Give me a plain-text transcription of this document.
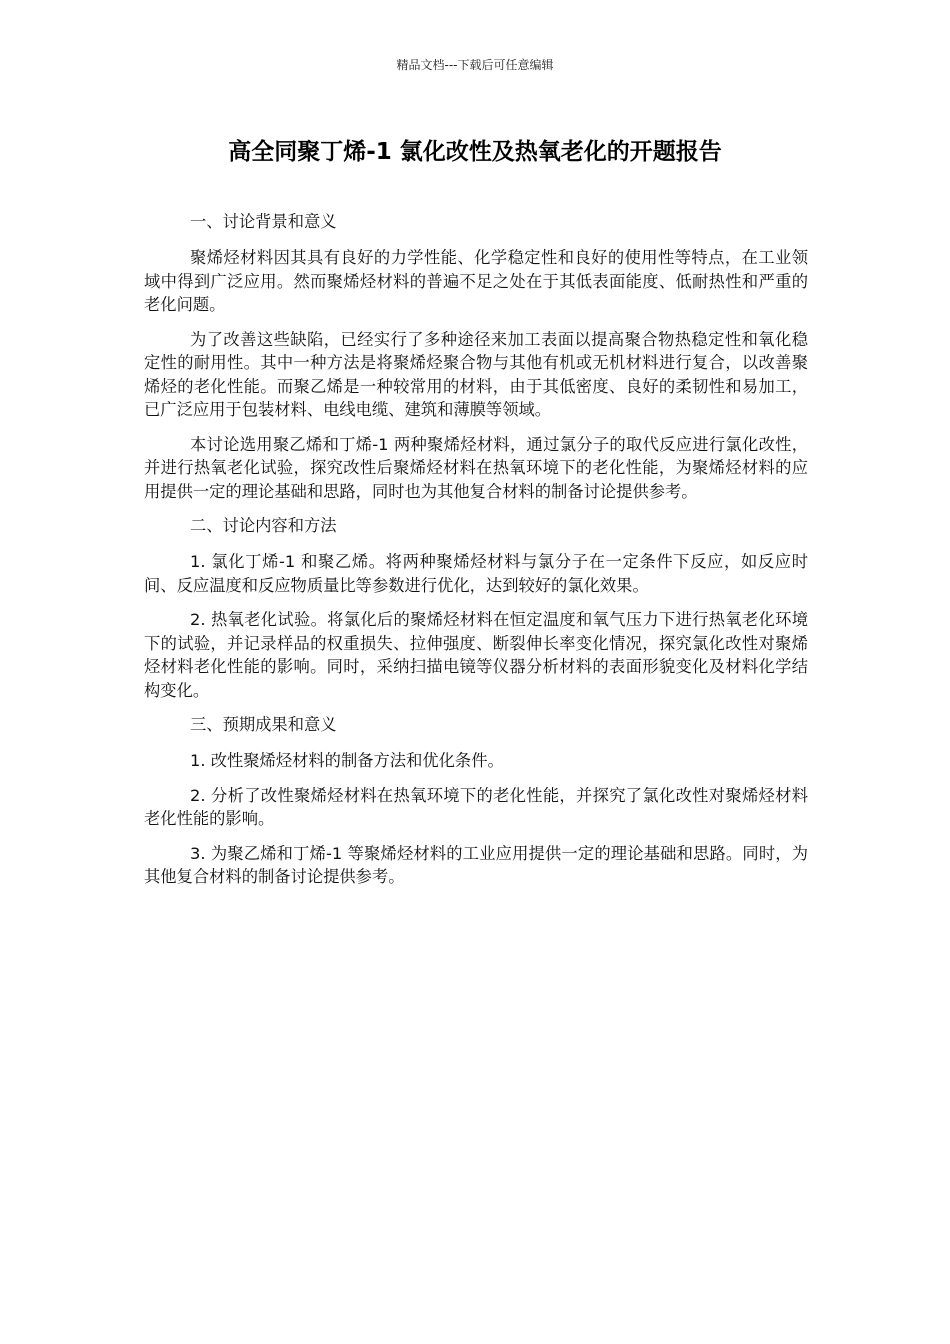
精品文档---下载后可任意编辑
高全同聚丁烯-1 氯化改性及热氧老化的开题报告

一、讨论背景和意义

聚烯烃材料因其具有良好的力学性能、化学稳定性和良好的使用性等特点，在工业领域中得到广泛应用。然而聚烯烃材料的普遍不足之处在于其低表面能度、低耐热性和严重的老化问题。

为了改善这些缺陷，已经实行了多种途径来加工表面以提高聚合物热稳定性和氧化稳定性的耐用性。其中一种方法是将聚烯烃聚合物与其他有机或无机材料进行复合，以改善聚烯烃的老化性能。而聚乙烯是一种较常用的材料，由于其低密度、良好的柔韧性和易加工，已广泛应用于包装材料、电线电缆、建筑和薄膜等领域。

本讨论选用聚乙烯和丁烯-1 两种聚烯烃材料，通过氯分子的取代反应进行氯化改性，并进行热氧老化试验，探究改性后聚烯烃材料在热氧环境下的老化性能，为聚烯烃材料的应用提供一定的理论基础和思路，同时也为其他复合材料的制备讨论提供参考。

二、讨论内容和方法

1. 氯化丁烯-1 和聚乙烯。将两种聚烯烃材料与氯分子在一定条件下反应，如反应时间、反应温度和反应物质量比等参数进行优化，达到较好的氯化效果。

2. 热氧老化试验。将氯化后的聚烯烃材料在恒定温度和氧气压力下进行热氧老化环境下的试验，并记录样品的权重损失、拉伸强度、断裂伸长率变化情况，探究氯化改性对聚烯烃材料老化性能的影响。同时，采纳扫描电镜等仪器分析材料的表面形貌变化及材料化学结构变化。

三、预期成果和意义

1. 改性聚烯烃材料的制备方法和优化条件。

2. 分析了改性聚烯烃材料在热氧环境下的老化性能，并探究了氯化改性对聚烯烃材料老化性能的影响。

3. 为聚乙烯和丁烯-1 等聚烯烃材料的工业应用提供一定的理论基础和思路。同时，为其他复合材料的制备讨论提供参考。
